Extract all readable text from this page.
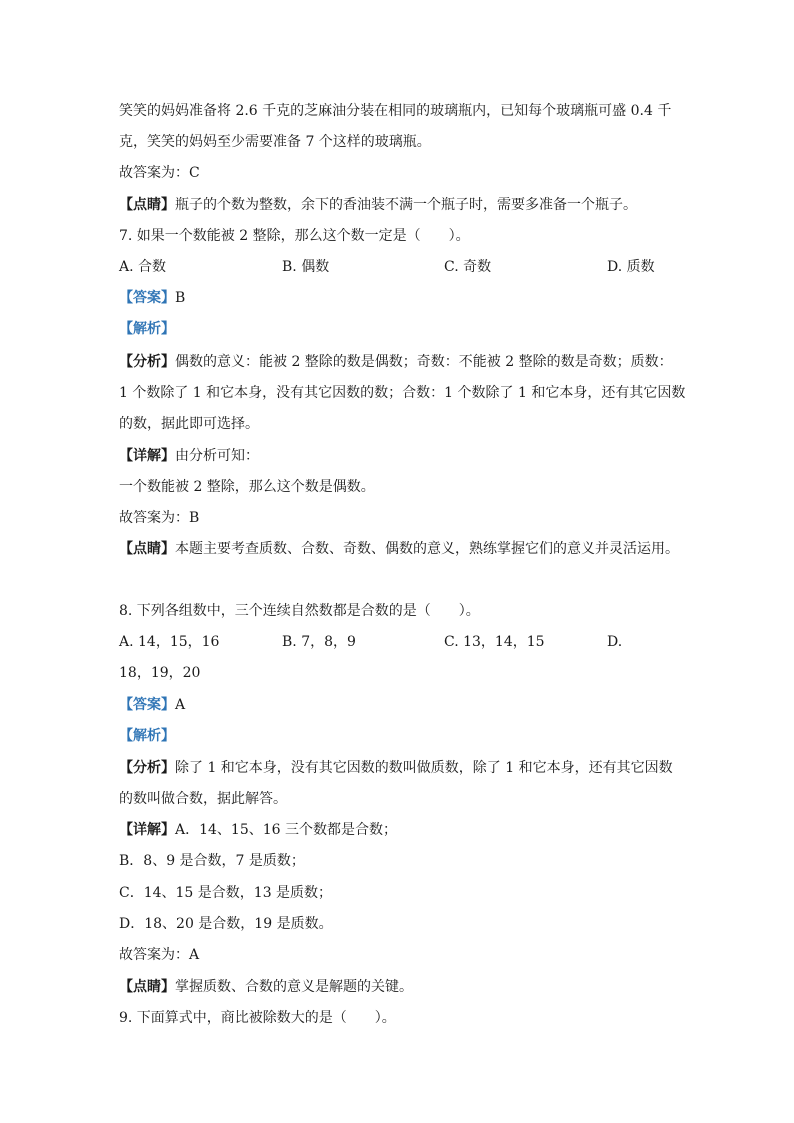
笑笑的妈妈准备将 2.6 千克的芝麻油分装在相同的玻璃瓶内，已知每个玻璃瓶可盛 0.4 千
克，笑笑的妈妈至少需要准备 7 个这样的玻璃瓶。
故答案为：C
【点睛】瓶子的个数为整数，余下的香油装不满一个瓶子时，需要多准备一个瓶子。
7. 如果一个数能被 2 整除，那么这个数一定是（　　）。
A. 合数	B. 偶数	C. 奇数	D. 质数
【答案】B
【解析】
【分析】偶数的意义：能被 2 整除的数是偶数；奇数：不能被 2 整除的数是奇数；质数：
1 个数除了 1 和它本身，没有其它因数的数；合数：1 个数除了 1 和它本身，还有其它因数
的数，据此即可选择。
【详解】由分析可知：
一个数能被 2 整除，那么这个数是偶数。
故答案为：B
【点睛】本题主要考查质数、合数、奇数、偶数的意义，熟练掌握它们的意义并灵活运用。
8. 下列各组数中，三个连续自然数都是合数的是（　　）。
A. 14，15，16	B. 7，8，9	C. 13，14，15	D.
18，19，20
【答案】A
【解析】
【分析】除了 1 和它本身，没有其它因数的数叫做质数，除了 1 和它本身，还有其它因数
的数叫做合数，据此解答。
【详解】A．14、15、16 三个数都是合数；
B．8、9 是合数，7 是质数；
C．14、15 是合数，13 是质数；
D．18、20 是合数，19 是质数。
故答案为：A
【点睛】掌握质数、合数的意义是解题的关键。
9. 下面算式中，商比被除数大的是（　　）。
